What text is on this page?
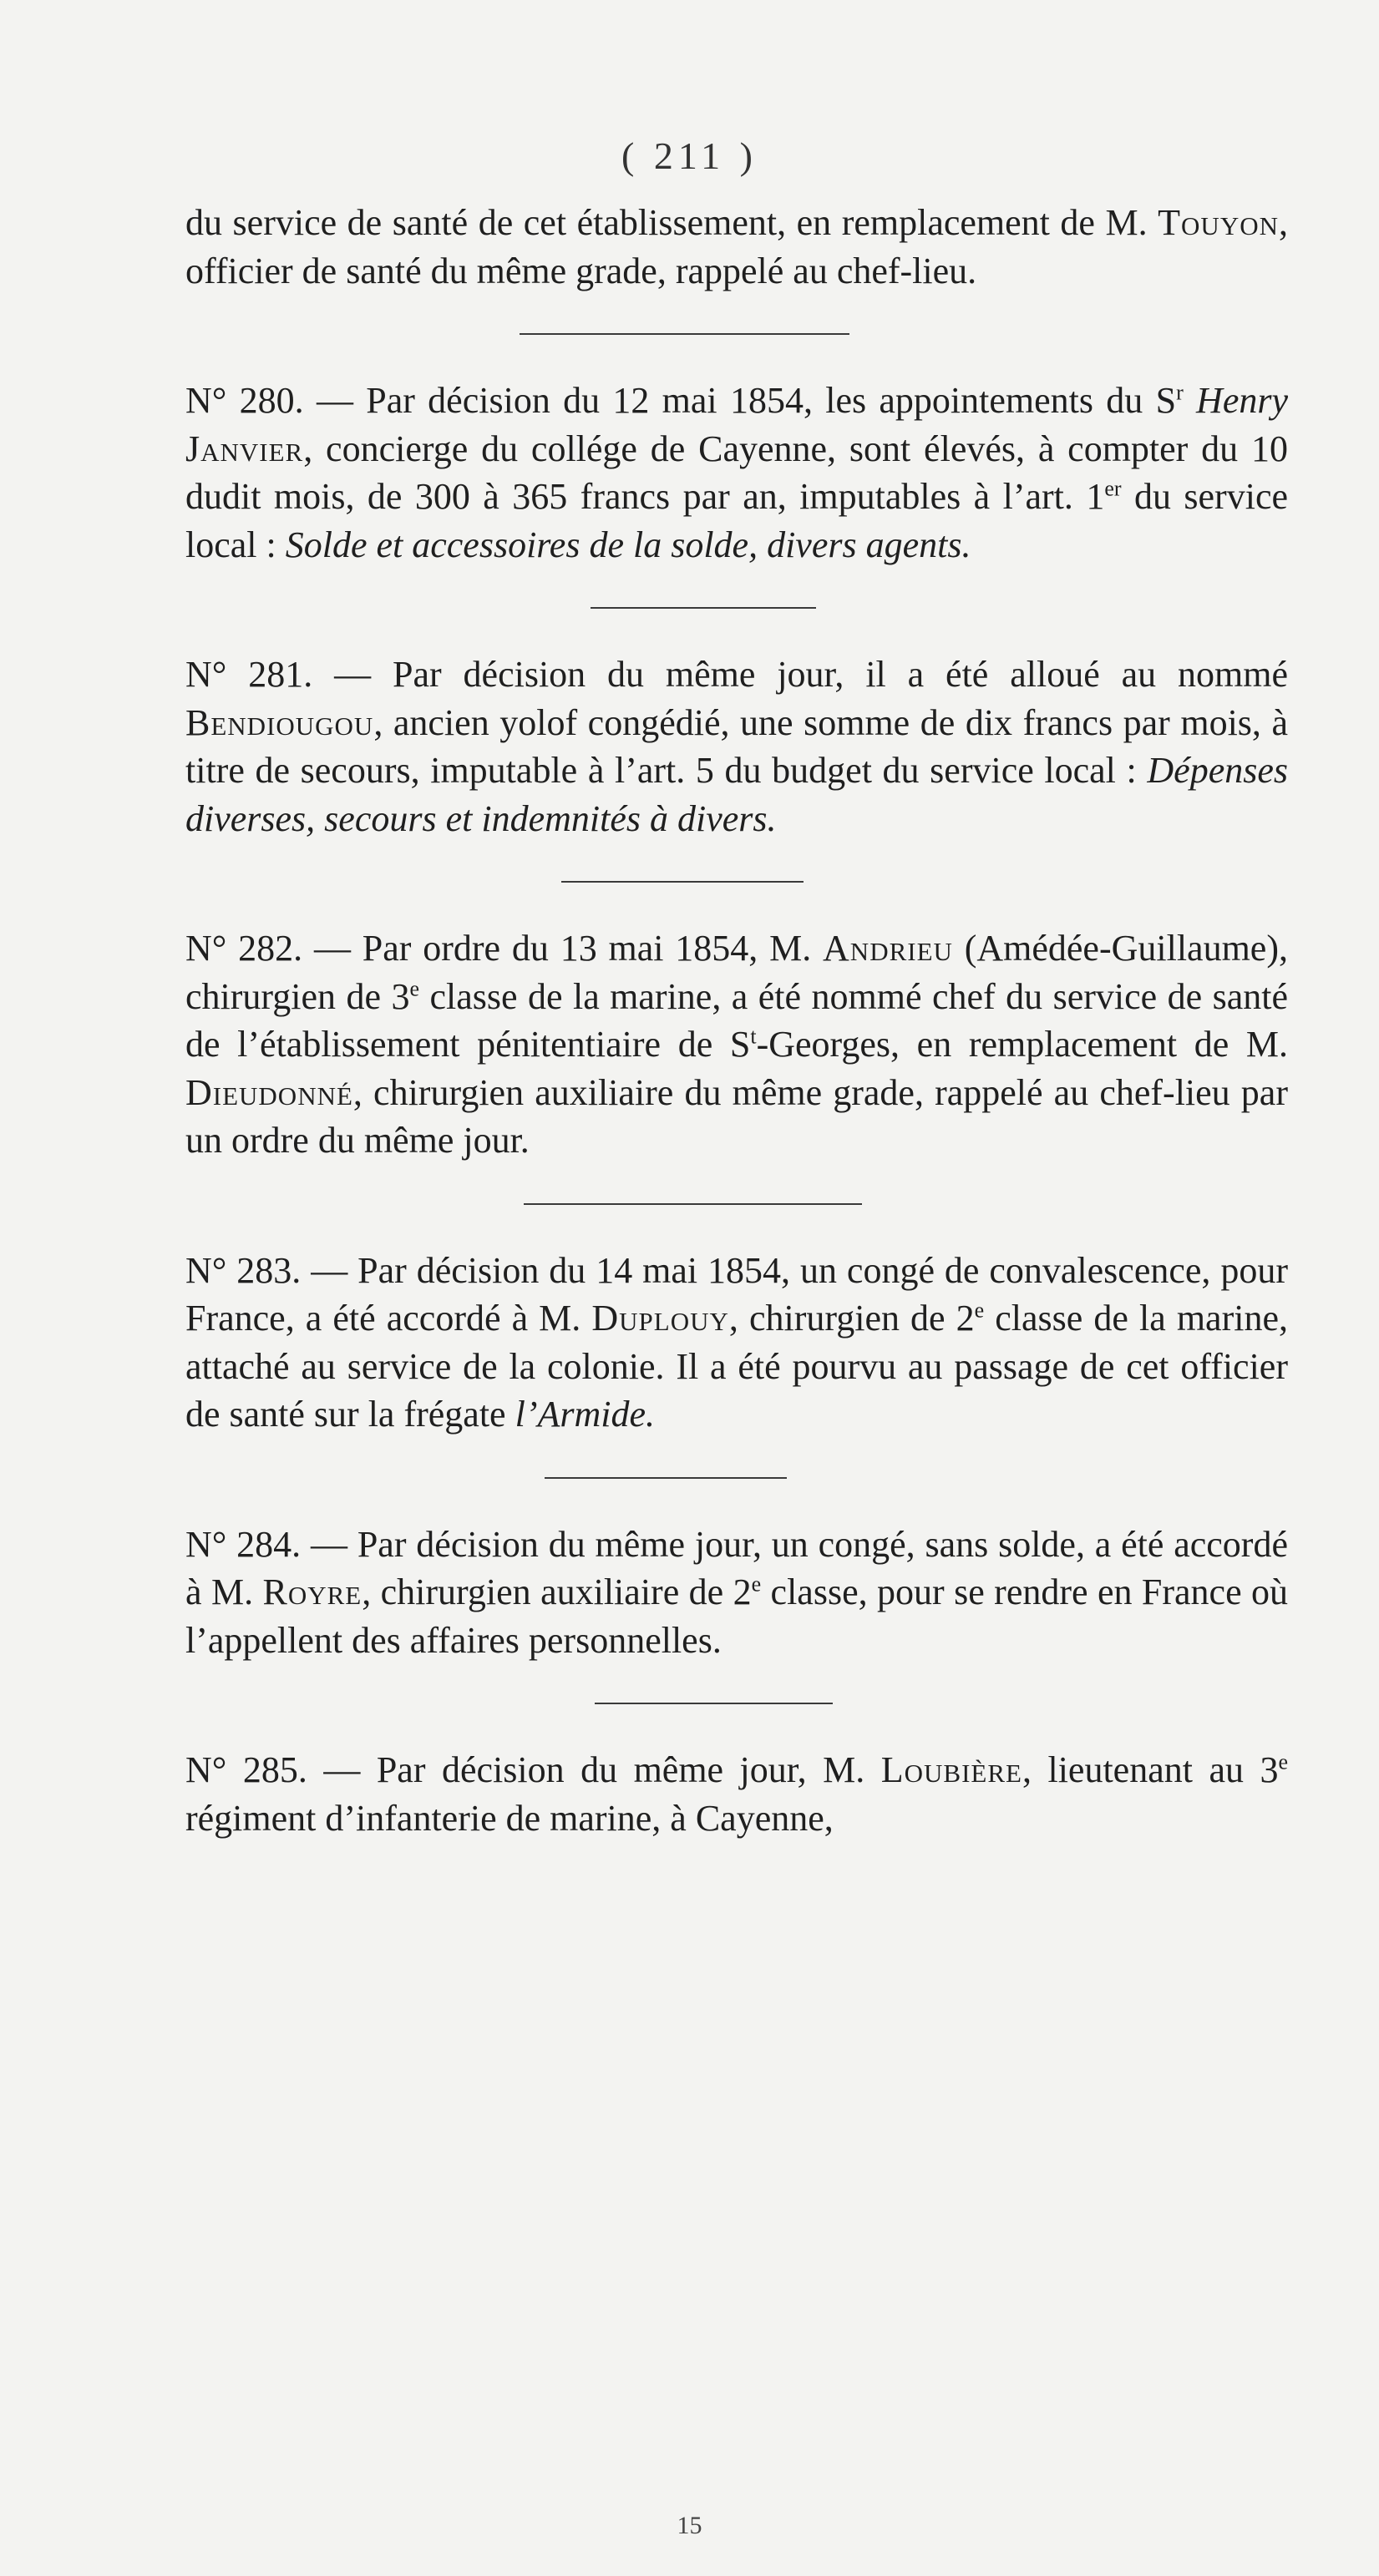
( 211 )

du service de santé de cet établissement, en remplacement de M. Touyon, officier de santé du même grade, rappelé au chef-lieu.

N° 280. — Par décision du 12 mai 1854, les appointements du $S^r$ Henry Janvier, concierge du collége de Cayenne, sont élevés, à compter du 10 dudit mois, de 300 à 365 francs par an, imputables à l’art. 1er du service local : Solde et accessoires de la solde, divers agents.

N° 281. — Par décision du même jour, il a été alloué au nommé Bendiougou, ancien yolof congédié, une somme de dix francs par mois, à titre de secours, imputable à l’art. 5 du budget du service local : Dépenses diverses, secours et indemnités à divers.

N° 282. — Par ordre du 13 mai 1854, M. Andrieu (Amédée-Guillaume), chirurgien de 3e classe de la marine, a été nommé chef du service de santé de l’établissement pénitentiaire de $S^t$-Georges, en remplacement de M. Dieudonné, chirurgien auxiliaire du même grade, rappelé au chef-lieu par un ordre du même jour.

N° 283. — Par décision du 14 mai 1854, un congé de convalescence, pour France, a été accordé à M. Duplouy, chirurgien de 2e classe de la marine, attaché au service de la colonie. Il a été pourvu au passage de cet officier de santé sur la frégate l’Armide.

N° 284. — Par décision du même jour, un congé, sans solde, a été accordé à M. Royre, chirurgien auxiliaire de 2e classe, pour se rendre en France où l’appellent des affaires personnelles.

N° 285. — Par décision du même jour, M. Loubière, lieutenant au 3e régiment d’infanterie de marine, à Cayenne,

15
